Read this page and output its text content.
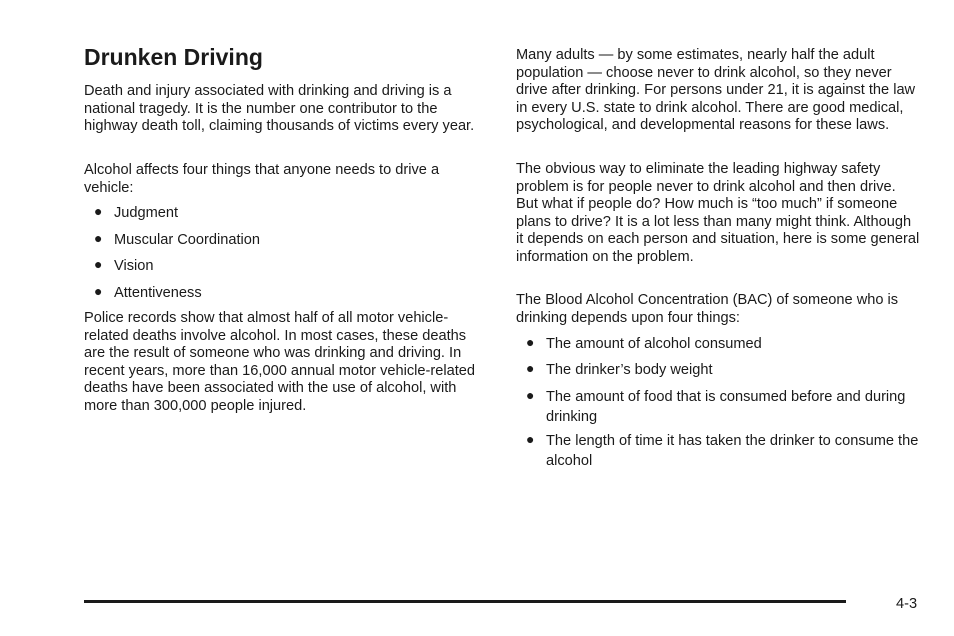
Drunken Driving

Death and injury associated with drinking and driving is a national tragedy. It is the number one contributor to the highway death toll, claiming thousands of victims every year.

Alcohol affects four things that anyone needs to drive a vehicle:

● Judgment
● Muscular Coordination
● Vision
● Attentiveness

Police records show that almost half of all motor vehicle-related deaths involve alcohol. In most cases, these deaths are the result of someone who was drinking and driving. In recent years, more than 16,000 annual motor vehicle-related deaths have been associated with the use of alcohol, with more than 300,000 people injured.

Many adults — by some estimates, nearly half the adult population — choose never to drink alcohol, so they never drive after drinking. For persons under 21, it is against the law in every U.S. state to drink alcohol. There are good medical, psychological, and developmental reasons for these laws.

The obvious way to eliminate the leading highway safety problem is for people never to drink alcohol and then drive. But what if people do? How much is “too much” if someone plans to drive? It is a lot less than many might think. Although it depends on each person and situation, here is some general information on the problem.

The Blood Alcohol Concentration (BAC) of someone who is drinking depends upon four things:

● The amount of alcohol consumed
● The drinker’s body weight
● The amount of food that is consumed before and during drinking
● The length of time it has taken the drinker to consume the alcohol
4-3
